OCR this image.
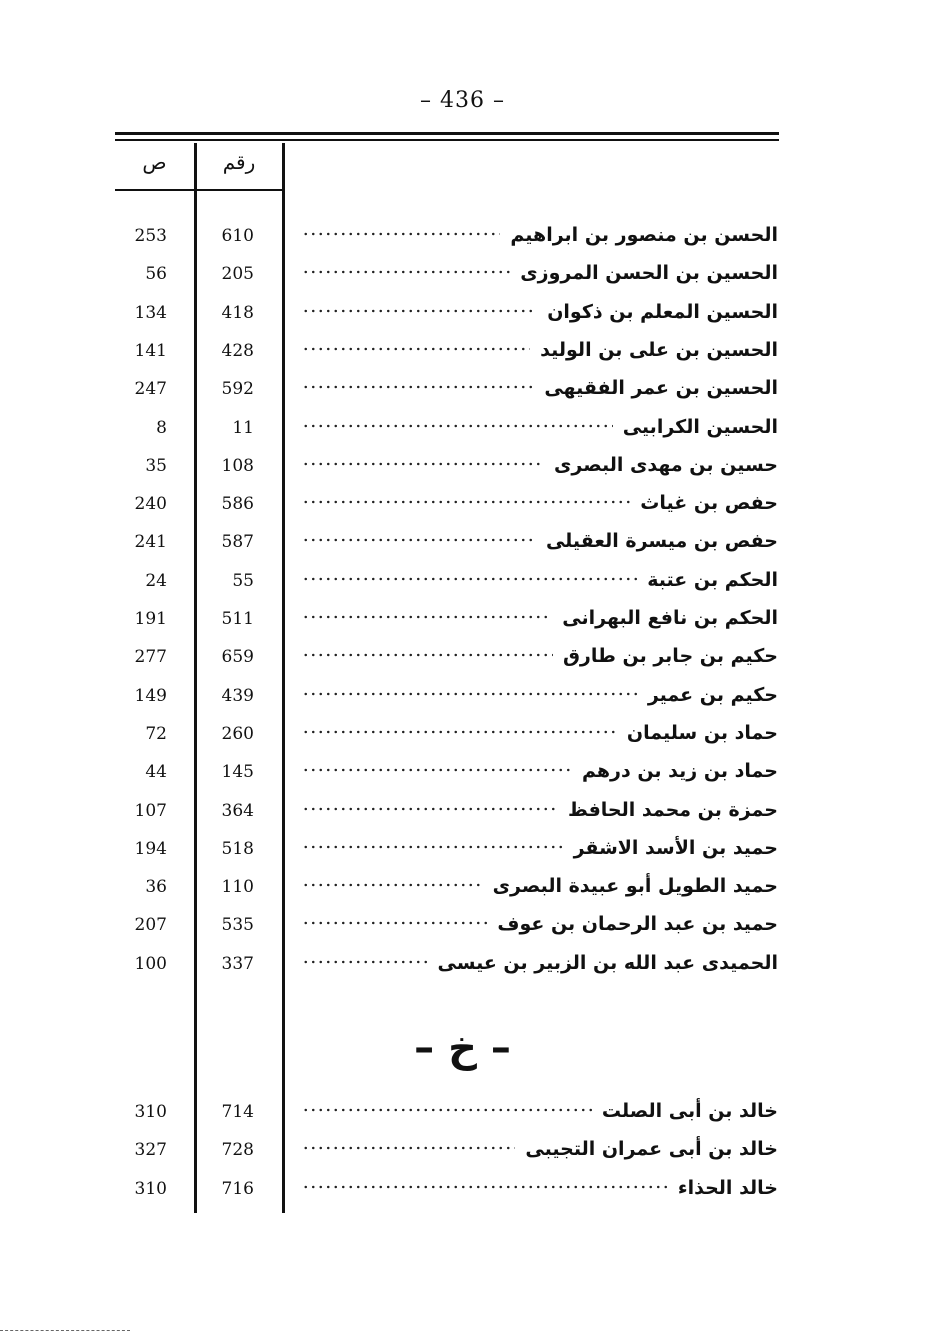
– 436 –
ص	رقم
الحسن بن منصور بن ابراهيم
610
253
الحسين بن الحسن المروزى
205
56
الحسين المعلم بن ذكوان
418
134
الحسين بن على بن الوليد
428
141
الحسين بن عمر الفقيهى
592
247
الحسين الكرابيى
11
8
حسين بن مهدى البصرى
108
35
حفص بن غياث
586
240
حفص بن ميسرة العقيلى
587
241
الحكم بن عتبة
55
24
الحكم بن نافع البهرانى
511
191
حكيم بن جابر بن طارق
659
277
حكيم بن عمير
439
149
حماد بن سليمان
260
72
حماد بن زيد بن درهم
145
44
حمزة بن محمد الحافظ
364
107
حميد بن الأسد الاشقر
518
194
حميد الطويل أبو عبيدة البصرى
110
36
حميد بن عبد الرحمان بن عوف
535
207
الحميدى عبد الله بن الزبير بن عيسى
337
100
– خ –
خالد بن أبى الصلت
714
310
خالد بن أبى عمران التجيبى
728
327
خالد الحذاء
716
310
